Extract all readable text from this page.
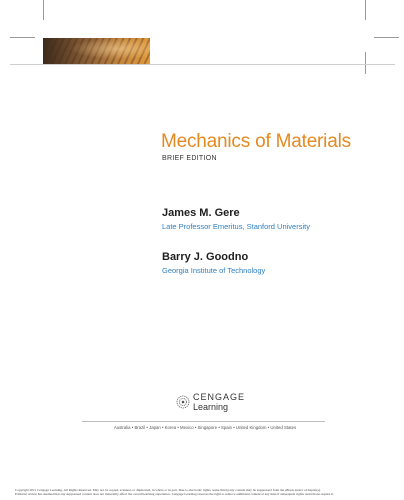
Mechanics of Materials
BRIEF EDITION
James M. Gere
Late Professor Emeritus, Stanford University
Barry J. Goodno
Georgia Institute of Technology
CENGAGE
Learning
Australia • Brazil • Japan • Korea • Mexico • Singapore • Spain • United Kingdom • United States
Copyright 2011 Cengage Learning. All Rights Reserved. May not be copied, scanned, or duplicated, in whole or in part. Due to electronic rights, some third party content may be suppressed from the eBook and/or eChapter(s).
Editorial review has deemed that any suppressed content does not materially affect the overall learning experience. Cengage Learning reserves the right to remove additional content at any time if subsequent rights restrictions require it.
